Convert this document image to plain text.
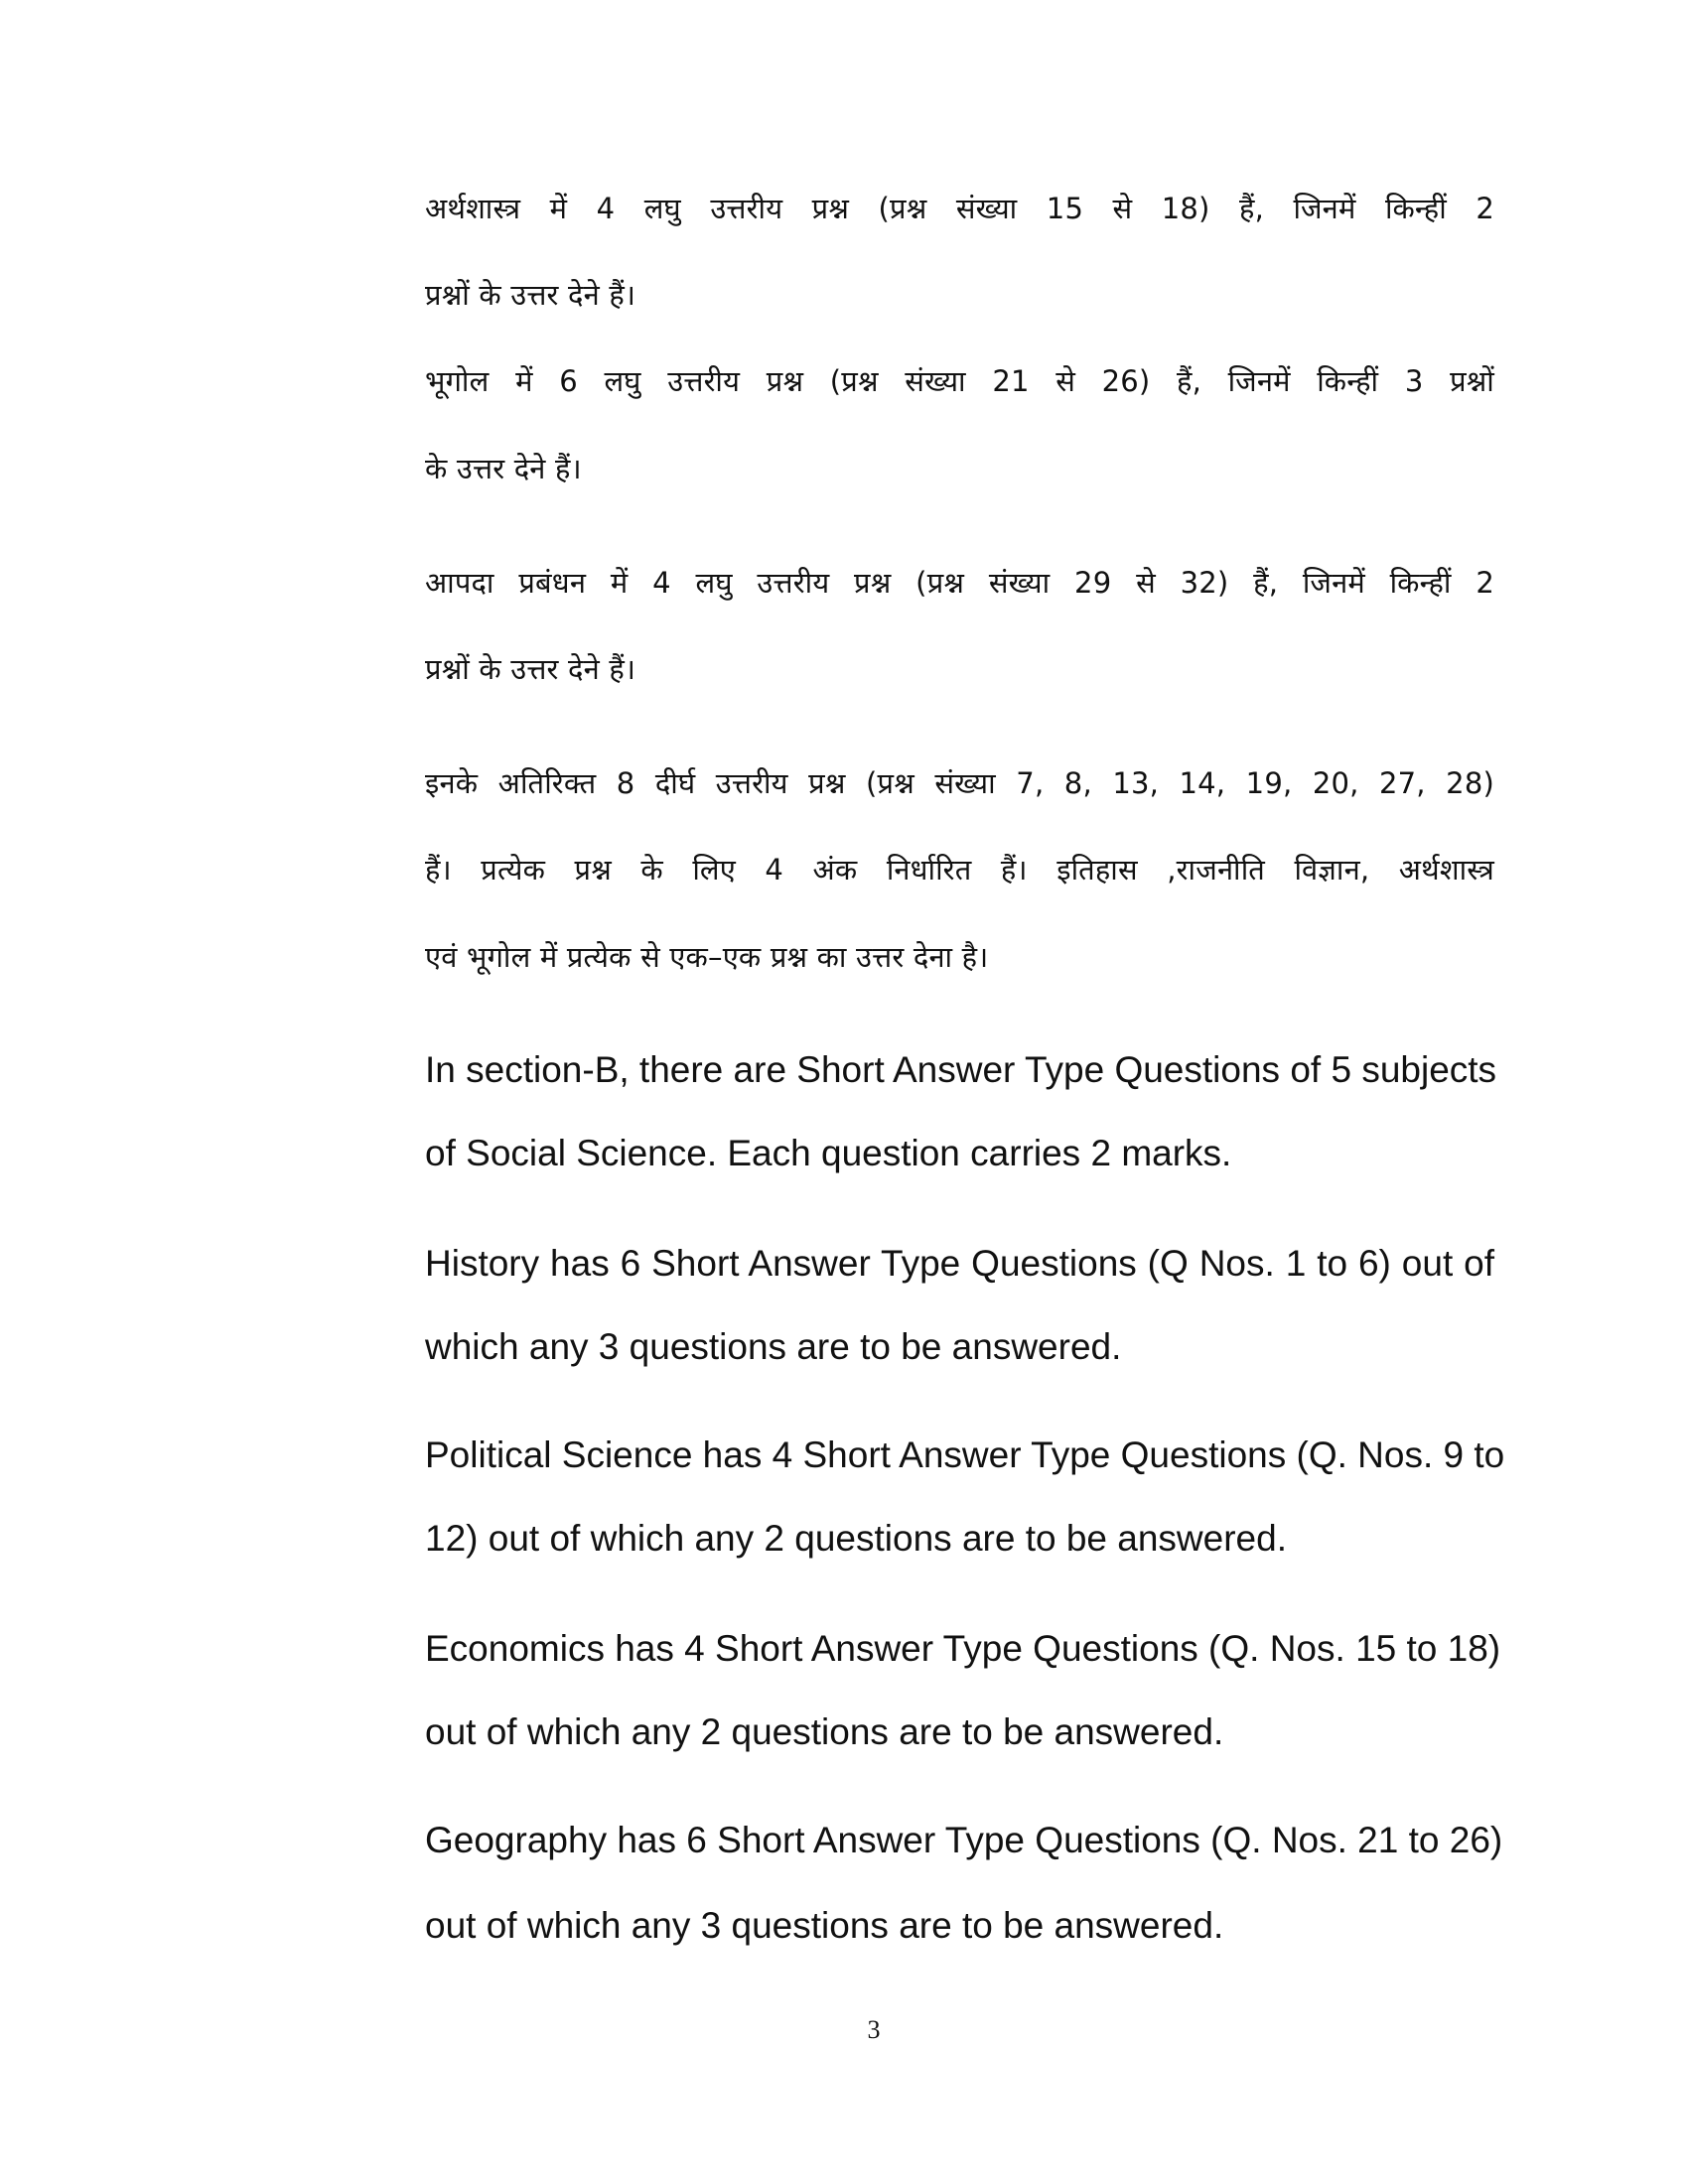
अर्थशास्त्र में 4 लघु उत्तरीय प्रश्न (प्रश्न संख्या 15 से 18) हैं, जिनमें किन्हीं 2
प्रश्नों के उत्तर देने हैं।
भूगोल में 6 लघु उत्तरीय प्रश्न (प्रश्न संख्या 21 से 26) हैं, जिनमें किन्हीं 3 प्रश्नों
के उत्तर देने हैं।
आपदा प्रबंधन में 4 लघु उत्तरीय प्रश्न (प्रश्न संख्या 29 से 32) हैं, जिनमें किन्हीं 2
प्रश्नों के उत्तर देने हैं।
इनके अतिरिक्त 8 दीर्घ उत्तरीय प्रश्न (प्रश्न संख्या 7, 8, 13, 14, 19, 20, 27, 28)
हैं। प्रत्येक प्रश्न के लिए 4 अंक निर्धारित हैं। इतिहास ,राजनीति विज्ञान, अर्थशास्त्र
एवं भूगोल में प्रत्येक से एक–एक प्रश्न का उत्तर देना है।
In section-B, there are Short Answer Type Questions of 5 subjects
of Social Science. Each question carries 2 marks.
History has 6 Short Answer Type Questions (Q Nos. 1 to 6) out of
which any 3 questions are to be answered.
Political Science has 4 Short Answer Type Questions (Q. Nos. 9 to
12) out of which any 2 questions are to be answered.
Economics has 4 Short Answer Type Questions (Q. Nos. 15 to 18)
out of which any 2 questions are to be answered.
Geography has 6 Short Answer Type Questions (Q. Nos. 21 to 26)
out of which any 3 questions are to be answered.
3
